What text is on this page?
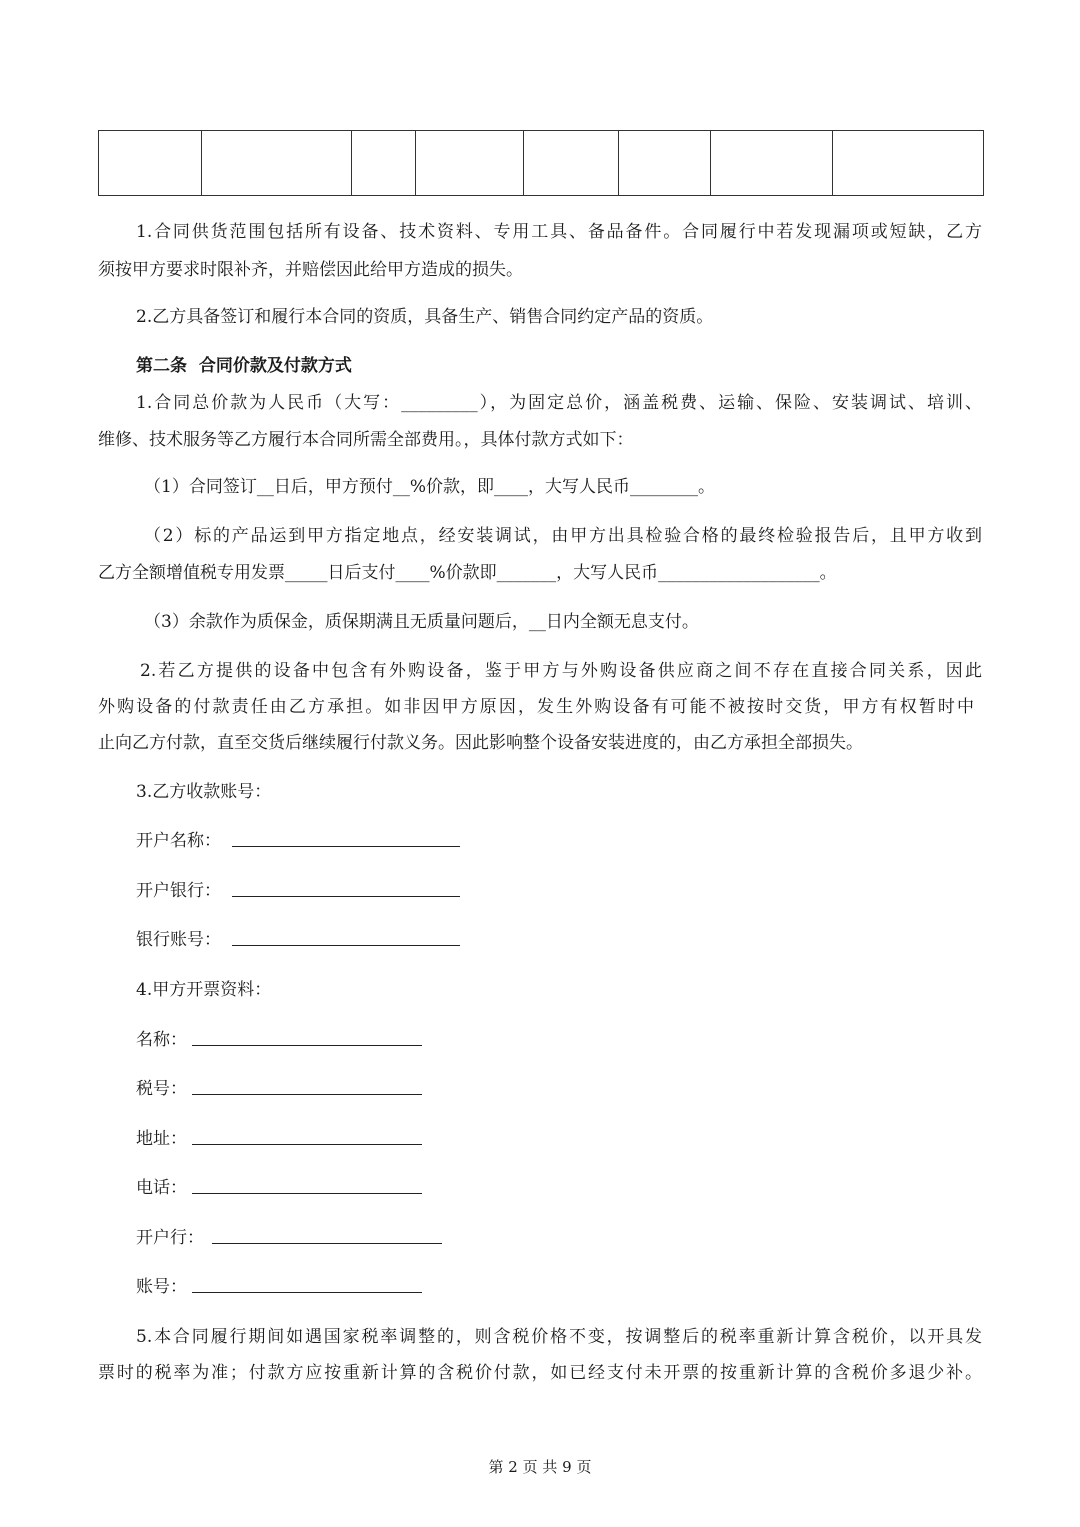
1.合同供货范围包括所有设备、技术资料、专用工具、备品备件。合同履行中若发现漏项或短缺，乙方
须按甲方要求时限补齐，并赔偿因此给甲方造成的损失。
2.乙方具备签订和履行本合同的资质，具备生产、销售合同约定产品的资质。
第二条  合同价款及付款方式
1.合同总价款为人民币（大写：_________），为固定总价，涵盖税费、运输、保险、安装调试、培训、
维修、技术服务等乙方履行本合同所需全部费用。，具体付款方式如下：
（1）合同签订__日后，甲方预付__%价款，即____，大写人民币________。
（2）标的产品运到甲方指定地点，经安装调试，由甲方出具检验合格的最终检验报告后，且甲方收到
乙方全额增值税专用发票_____日后支付____%价款即_______，大写人民币___________________。
（3）余款作为质保金，质保期满且无质量问题后，__日内全额无息支付。
2.若乙方提供的设备中包含有外购设备，鉴于甲方与外购设备供应商之间不存在直接合同关系，因此
外购设备的付款责任由乙方承担。如非因甲方原因，发生外购设备有可能不被按时交货，甲方有权暂时中
止向乙方付款，直至交货后继续履行付款义务。因此影响整个设备安装进度的，由乙方承担全部损失。
3.乙方收款账号：
开户名称：
开户银行：
银行账号：
4.甲方开票资料：
名称：
税号：
地址：
电话：
开户行：
账号：
5.本合同履行期间如遇国家税率调整的，则含税价格不变，按调整后的税率重新计算含税价，以开具发
票时的税率为准；付款方应按重新计算的含税价付款，如已经支付未开票的按重新计算的含税价多退少补。
第 2 页 共 9 页
